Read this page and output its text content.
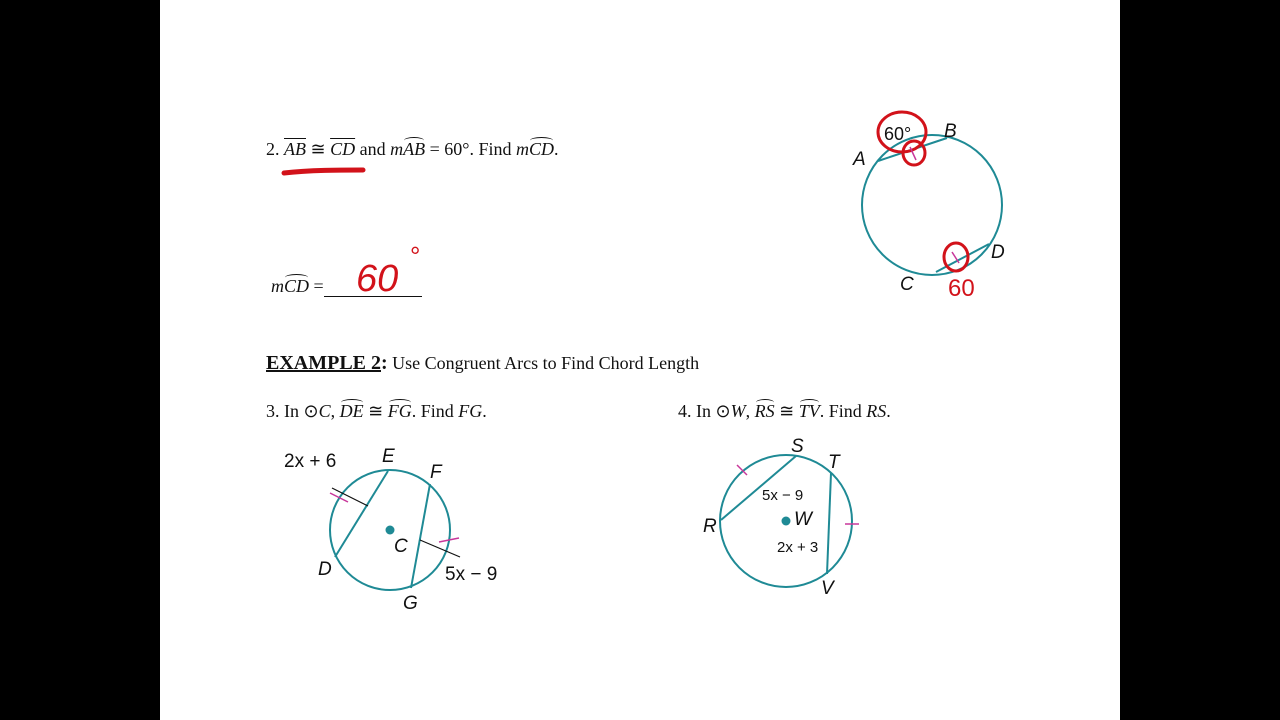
2. $\overline{AB}$ ≅ $\overline{CD}$ and mAB = 60°. Find mCD.
mCD = 60
°
A
B
C
D
60°
60
EXAMPLE 2: Use Congruent Arcs to Find Chord Length
3. In ⊙C, DE ≅ FG. Find FG.
E
F
D
G
C
2x + 6
5x − 9
4. In ⊙W, RS ≅ TV. Find RS.
S
T
R
V
W
5x − 9
2x + 3
